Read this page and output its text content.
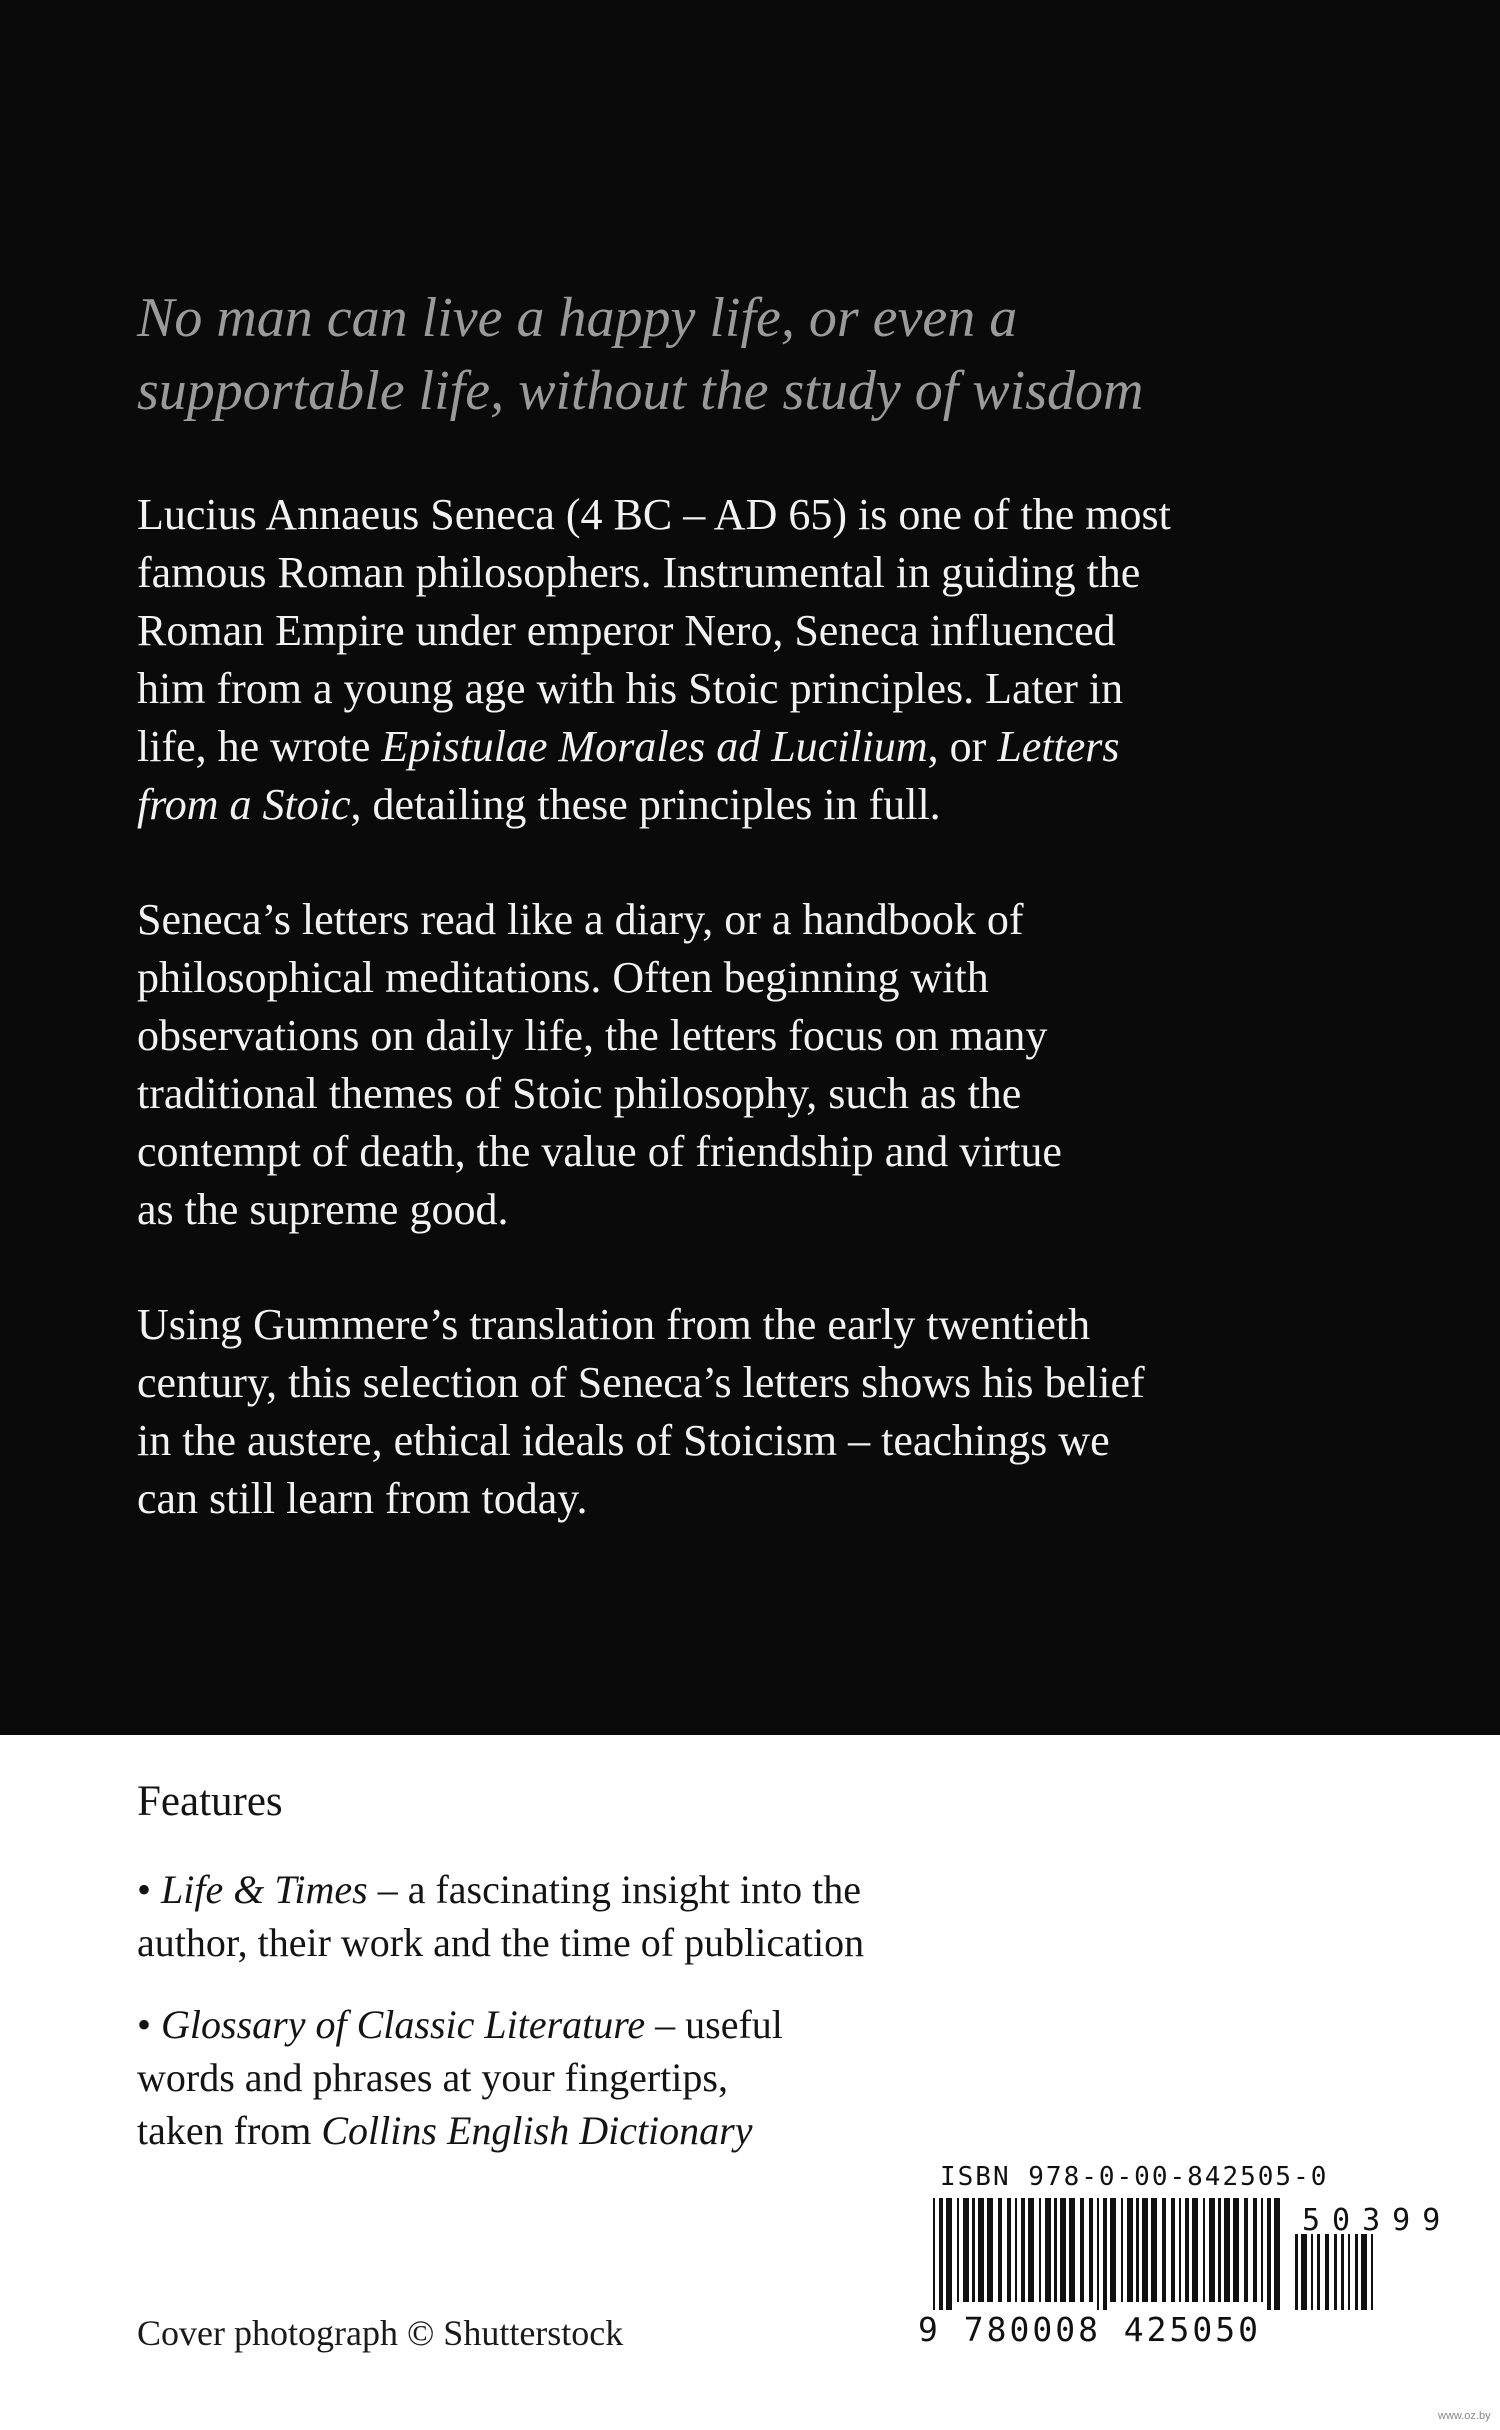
No man can live a happy life, or even a
supportable life, without the study of wisdom

Lucius Annaeus Seneca (4 BC – AD 65) is one of the most

famous Roman philosophers. Instrumental in guiding the

Roman Empire under emperor Nero, Seneca influenced

him from a young age with his Stoic principles. Later in

life, he wrote Epistulae Morales ad Lucilium, or Letters

from a Stoic, detailing these principles in full.

Seneca’s letters read like a diary, or a handbook of

philosophical meditations. Often beginning with

observations on daily life, the letters focus on many

traditional themes of Stoic philosophy, such as the

contempt of death, the value of friendship and virtue

as the supreme good.

Using Gummere’s translation from the early twentieth

century, this selection of Seneca’s letters shows his belief

in the austere, ethical ideals of Stoicism – teachings we

can still learn from today.

Features

• Life & Times – a fascinating insight into the

author, their work and the time of publication

• Glossary of Classic Literature – useful

words and phrases at your fingertips,

taken from Collins English Dictionary

Cover photograph © Shutterstock
ISBN 978-0-00-842505-0
9 780008 425050
50399
www.oz.by
